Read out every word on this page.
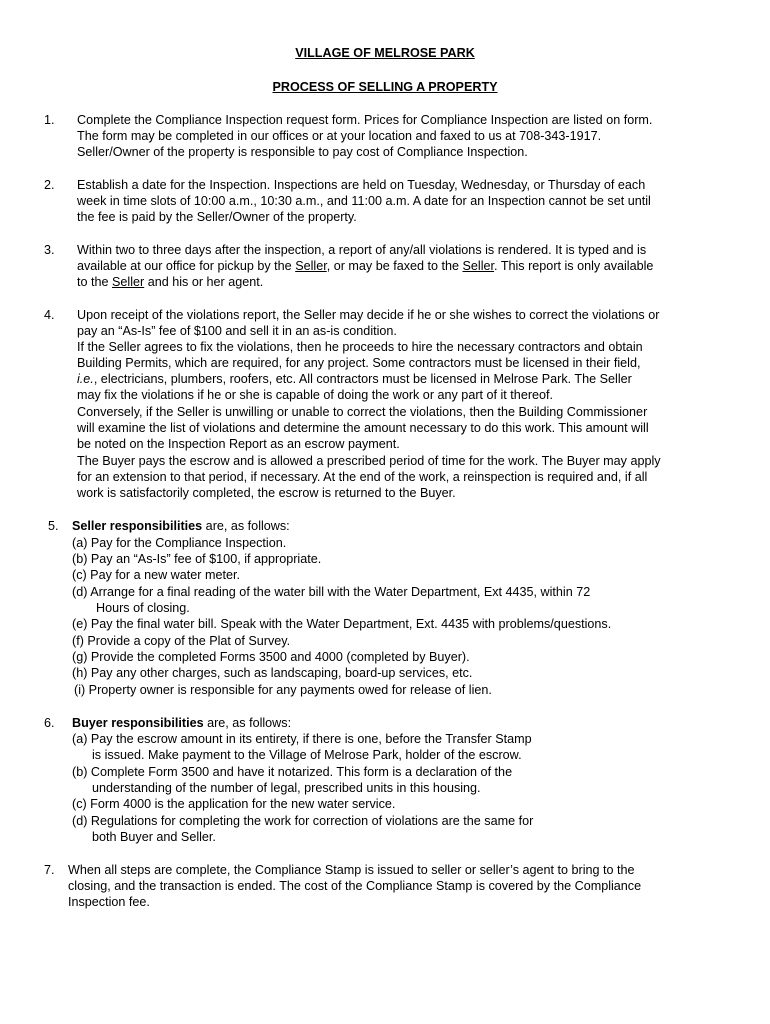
VILLAGE OF MELROSE PARK
PROCESS OF SELLING A PROPERTY
1. Complete the Compliance Inspection request form. Prices for Compliance Inspection are listed on form.
The form may be completed in our offices or at your location and faxed to us at 708-343-1917.
Seller/Owner of the property is responsible to pay cost of Compliance Inspection.
2. Establish a date for the Inspection. Inspections are held on Tuesday, Wednesday, or Thursday of each
week in time slots of 10:00 a.m., 10:30 a.m., and 11:00 a.m. A date for an Inspection cannot be set until
the fee is paid by the Seller/Owner of the property.
3. Within two to three days after the inspection, a report of any/all violations is rendered. It is typed and is
available at our office for pickup by the Seller, or may be faxed to the Seller. This report is only available
to the Seller and his or her agent.
4. Upon receipt of the violations report, the Seller may decide if he or she wishes to correct the violations or
pay an “As-Is” fee of $100 and sell it in an as-is condition.
If the Seller agrees to fix the violations, then he proceeds to hire the necessary contractors and obtain
Building Permits, which are required, for any project. Some contractors must be licensed in their field,
i.e., electricians, plumbers, roofers, etc. All contractors must be licensed in Melrose Park. The Seller
may fix the violations if he or she is capable of doing the work or any part of it thereof.
Conversely, if the Seller is unwilling or unable to correct the violations, then the Building Commissioner
will examine the list of violations and determine the amount necessary to do this work. This amount will
be noted on the Inspection Report as an escrow payment.
The Buyer pays the escrow and is allowed a prescribed period of time for the work. The Buyer may apply
for an extension to that period, if necessary. At the end of the work, a reinspection is required and, if all
work is satisfactorily completed, the escrow is returned to the Buyer.
5. Seller responsibilities are, as follows:
(a) Pay for the Compliance Inspection.
(b) Pay an “As-Is” fee of $100, if appropriate.
(c) Pay for a new water meter.
(d) Arrange for a final reading of the water bill with the Water Department, Ext 4435, within 72
Hours of closing.
(e) Pay the final water bill. Speak with the Water Department, Ext. 4435 with problems/questions.
(f) Provide a copy of the Plat of Survey.
(g) Provide the completed Forms 3500 and 4000 (completed by Buyer).
(h) Pay any other charges, such as landscaping, board-up services, etc.
(i) Property owner is responsible for any payments owed for release of lien.
6. Buyer responsibilities are, as follows:
(a) Pay the escrow amount in its entirety, if there is one, before the Transfer Stamp
is issued. Make payment to the Village of Melrose Park, holder of the escrow.
(b) Complete Form 3500 and have it notarized. This form is a declaration of the
understanding of the number of legal, prescribed units in this housing.
(c) Form 4000 is the application for the new water service.
(d) Regulations for completing the work for correction of violations are the same for
both Buyer and Seller.
7. When all steps are complete, the Compliance Stamp is issued to seller or seller’s agent to bring to the
closing, and the transaction is ended. The cost of the Compliance Stamp is covered by the Compliance
Inspection fee.
